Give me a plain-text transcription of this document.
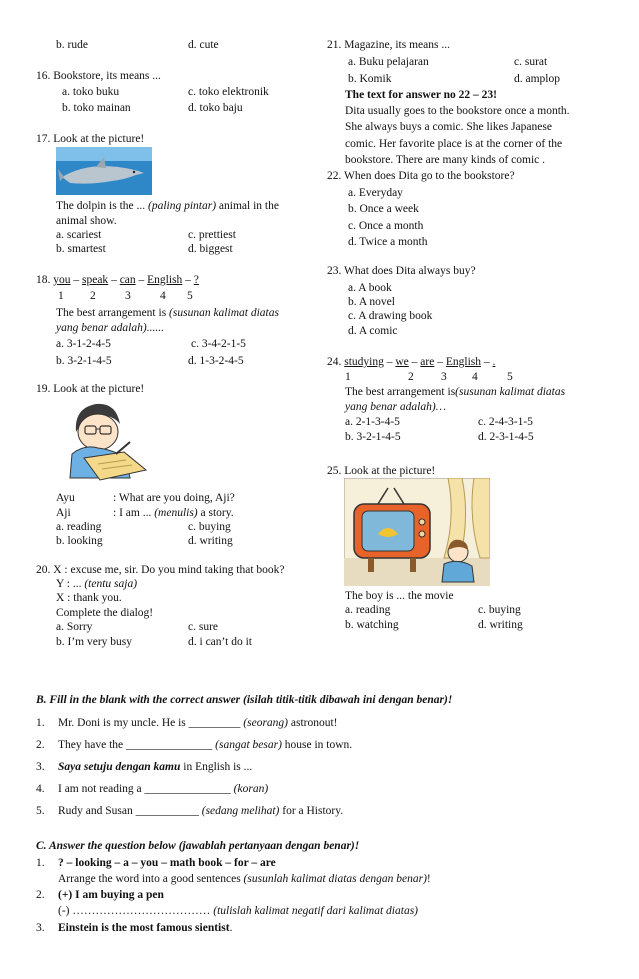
b. rude	d. cute
16. Bookstore, its means ...
a. toko buku	c. toko elektronik
b. toko mainan	d. toko baju
17. Look at the picture!
The dolpin is the ... (paling pintar) animal in the
animal show.
a. scariest	c. prettiest
b. smartest	d. biggest
18. you – speak – can – English – ?
1 2	3	4 5
The best arrangement is (susunan kalimat diatas
yang benar adalah)......
a. 3-1-2-4-5	c. 3-4-2-1-5
b. 3-2-1-4-5	d. 1-3-2-4-5
19. Look at the picture!
Ayu	: What are you doing, Aji?
Aji	: I am ... (menulis) a story.
a. reading	c. buying
b. looking	d. writing
20. X : excuse me, sir. Do you mind taking that book?
Y : ... (tentu saja)
X : thank you.
Complete the dialog!
a. Sorry	c. sure
b. I’m very busy	d. i can’t do it
21. Magazine, its means ...
a. Buku pelajaran	c. surat
b. Komik	d. amplop
The text for answer no 22 – 23!
Dita usually goes to the bookstore once a month.
She always buys a comic. She likes Japanese
comic. Her favorite place is at the corner of the
bookstore. There are many kinds of comic .
22. When does Dita go to the bookstore?
a. Everyday
b. Once a week
c. Once a month
d. Twice a month
23. What does Dita always buy?
a. A book
b. A novel
c. A drawing book
d. A comic
24. studying – we – are – English – .
1	2 3 4	5
The best arrangement is(susunan kalimat diatas
yang benar adalah)…
a. 2-1-3-4-5	c. 2-4-3-1-5
b. 3-2-1-4-5	d. 2-3-1-4-5
25. Look at the picture!
The boy is ... the movie
a. reading	c. buying
b. watching	d. writing
B. Fill in the blank with the correct answer (isilah titik-titik dibawah ini dengan benar)!
1. Mr. Doni is my uncle. He is _________ (seorang) astronout!
2. They have the _______________ (sangat besar) house in town.
3. Saya setuju dengan kamu in English is ...
4. I am not reading a _______________ (koran)
5. Rudy and Susan ___________ (sedang melihat) for a History.
C. Answer the question below (jawablah pertanyaan dengan benar)!
1. ? – looking – a – you – math book – for – are
Arrange the word into a good sentences (susunlah kalimat diatas dengan benar)!
2. (+) I am buying a pen
(-) ……………………………… (tulislah kalimat negatif dari kalimat diatas)
3. Einstein is the most famous sientist.
